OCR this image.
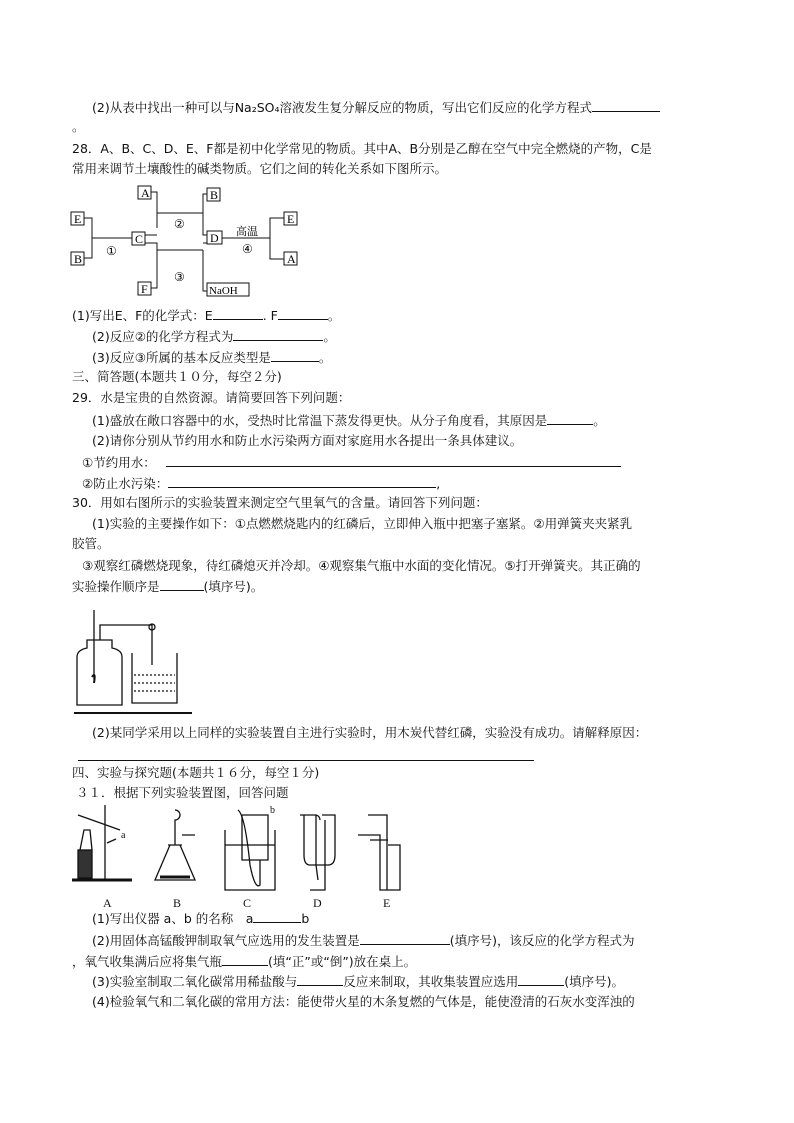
(2)从表中找出一种可以与Na₂SO₄溶液发生复分解反应的物质，写出它们反应的化学方程式
。
28．A、B、C、D、E、F都是初中化学常见的物质。其中A、B分别是乙醇在空气中完全燃烧的产物，C是
常用来调节土壤酸性的碱类物质。它们之间的转化关系如下图所示。
E
B
C
A
F
B
D
NaOH
E
A
①
②
③
④
高温
(1)写出E、F的化学式：E	. F	。
(2)反应②的化学方程式为	。
(3)反应③所属的基本反应类型是	。
三、简答题(本题共１０分，每空２分)
29．水是宝贵的自然资源。请简要回答下列问题：
(1)盛放在敞口容器中的水，受热时比常温下蒸发得更快。从分子角度看，其原因是	。
(2)请你分别从节约用水和防止水污染两方面对家庭用水各提出一条具体建议。
①节约用水：
②防止水污染：	,
30．用如右图所示的实验装置来测定空气里氧气的含量。请回答下列问题：
(1)实验的主要操作如下：①点燃燃烧匙内的红磷后，立即伸入瓶中把塞子塞紧。②用弹簧夹夹紧乳
胶管。
③观察红磷燃烧现象，待红磷熄灭并冷却。④观察集气瓶中水面的变化情况。⑤打开弹簧夹。其正确的
实验操作顺序是	(填序号)。
(2)某同学采用以上同样的实验装置自主进行实验时，用木炭代替红磷，实验没有成功。请解释原因：
四、实验与探究题(本题共１６分，每空１分)
３１．根据下列实验装置图，回答问题
A	B	C	D	E
a
b
(1)写出仪器 a、b 的名称　a	b
(2)用固体高锰酸钾制取氧气应选用的发生装置是	(填序号)，该反应的化学方程式为
，氧气收集满后应将集气瓶	(填“正”或“倒”)放在桌上。
(3)实验室制取二氧化碳常用稀盐酸与	反应来制取，其收集装置应选用	(填序号)。
(4)检验氧气和二氧化碳的常用方法：能使带火星的木条复燃的气体是，能使澄清的石灰水变浑浊的
